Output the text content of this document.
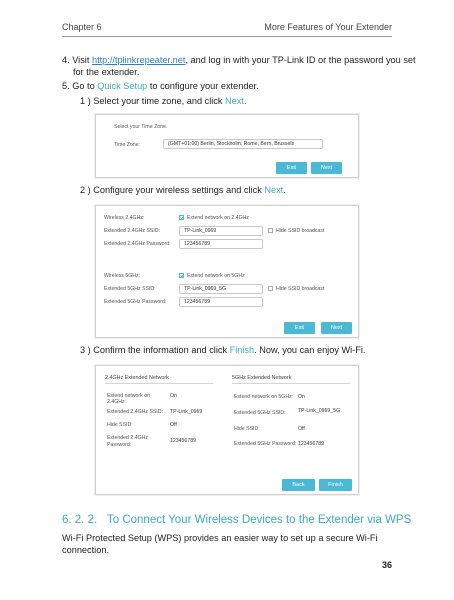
Chapter 6	More Features of Your Extender
4. Visit http://tplinkrepeater.net, and log in with your TP-Link ID or the password you set
for the extender.
5. Go to Quick Setup to configure your extender.
1 ) Select your time zone, and click Next.
Select your Time Zone.
Time Zone:	(GMT+01:00) Berlin, Stockholm, Rome, Bern, Brussels
Exit	Next
2 ) Configure your wireless settings and click Next.
Wireless 2.4GHz:	Extend network on 2.4GHz
Extended 2.4GHz SSID:	TP-Link_0969	Hide SSID broadcast
Extended 2.4GHz Password:	123456789
Wireless 5GHz:	Extend network on 5GHz
Extended 5GHz SSID:	TP-Link_0969_5G	Hide SSID broadcast
Extended 5GHz Password:	123456789
Exit	Next
3 ) Confirm the information and click Finish. Now, you can enjoy Wi-Fi.
2.4GHz Extended Network	5GHz Extended Network
Extend network on
2.4GHz:
On
Extended 2.4GHz SSID: TP-Link_0969
Hide SSID:	Off
Extended 2.4GHz
Password:
123456789
Extend network on 5GHz: On
Extended 5GHz SSID: TP-Link_0969_5G
Hide SSID:	Off
Extended 5GHz Password: 123456789
Back	Finish
6. 2. 2. To Connect Your Wireless Devices to the Extender via WPS
Wi-Fi Protected Setup (WPS) provides an easier way to set up a secure Wi-Fi
connection.
36
